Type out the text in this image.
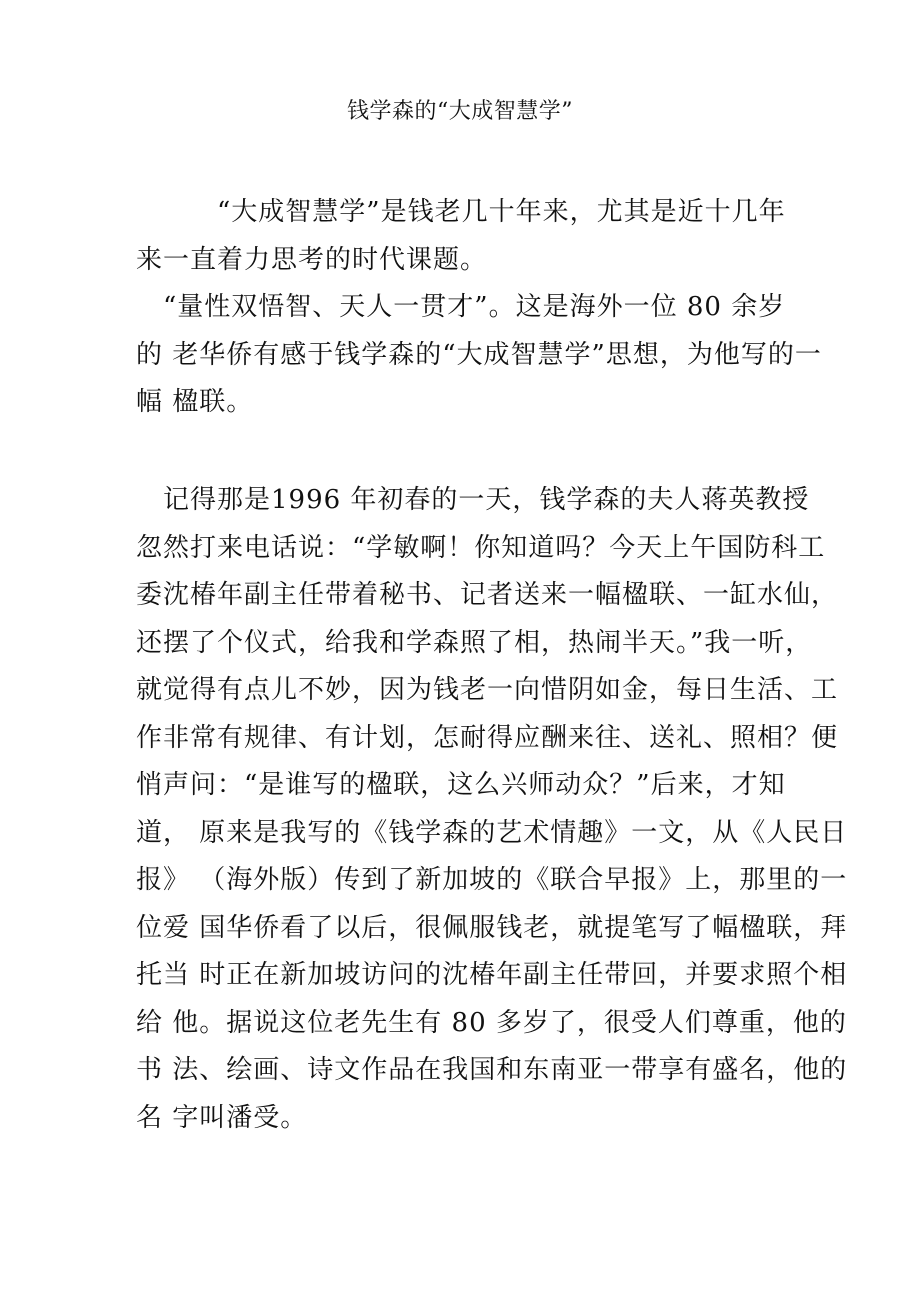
钱学森的“大成智慧学”
　　　“大成智慧学”是钱老几十年来，尤其是近十几年
来一直着力思考的时代课题。
　“量性双悟智、天人一贯才”。这是海外一位 80 余岁
的 老华侨有感于钱学森的“大成智慧学”思想，为他写的一
幅 楹联。
　记得那是1996 年初春的一天，钱学森的夫人蒋英教授
忽然打来电话说：“学敏啊！你知道吗？今天上午国防科工
委沈椿年副主任带着秘书、记者送来一幅楹联、一缸水仙，
还摆了个仪式，给我和学森照了相，热闹半天。”我一听，
就觉得有点儿不妙，因为钱老一向惜阴如金，每日生活、工
作非常有规律、有计划，怎耐得应酬来往、送礼、照相？便
悄声问：“是谁写的楹联，这么兴师动众？”后来，才知
道， 原来是我写的《钱学森的艺术情趣》一文，从《人民日
报》 （海外版）传到了新加坡的《联合早报》上，那里的一
位爱 国华侨看了以后，很佩服钱老，就提笔写了幅楹联，拜
托当 时正在新加坡访问的沈椿年副主任带回，并要求照个相
给 他。据说这位老先生有 80 多岁了，很受人们尊重，他的
书 法、绘画、诗文作品在我国和东南亚一带享有盛名，他的
名 字叫潘受。
